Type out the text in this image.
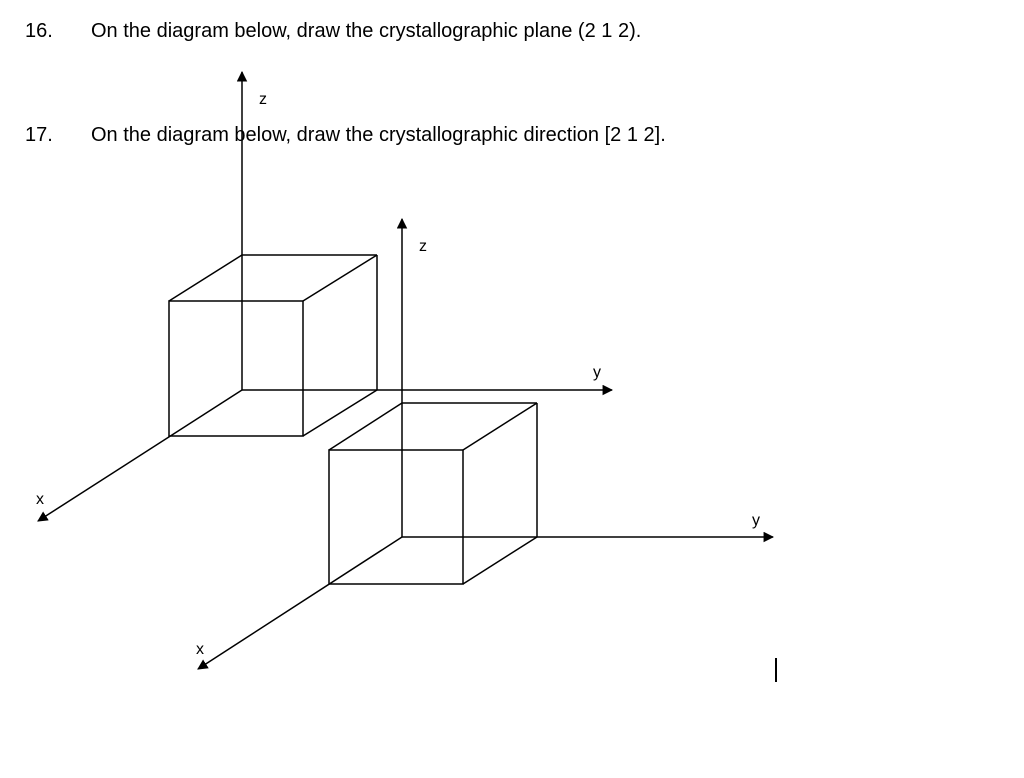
z
y
x
z
y
x
16. On the diagram below, draw the crystallographic plane (2 1 2).
17. On the diagram below, draw the crystallographic direction [2 1 2].
